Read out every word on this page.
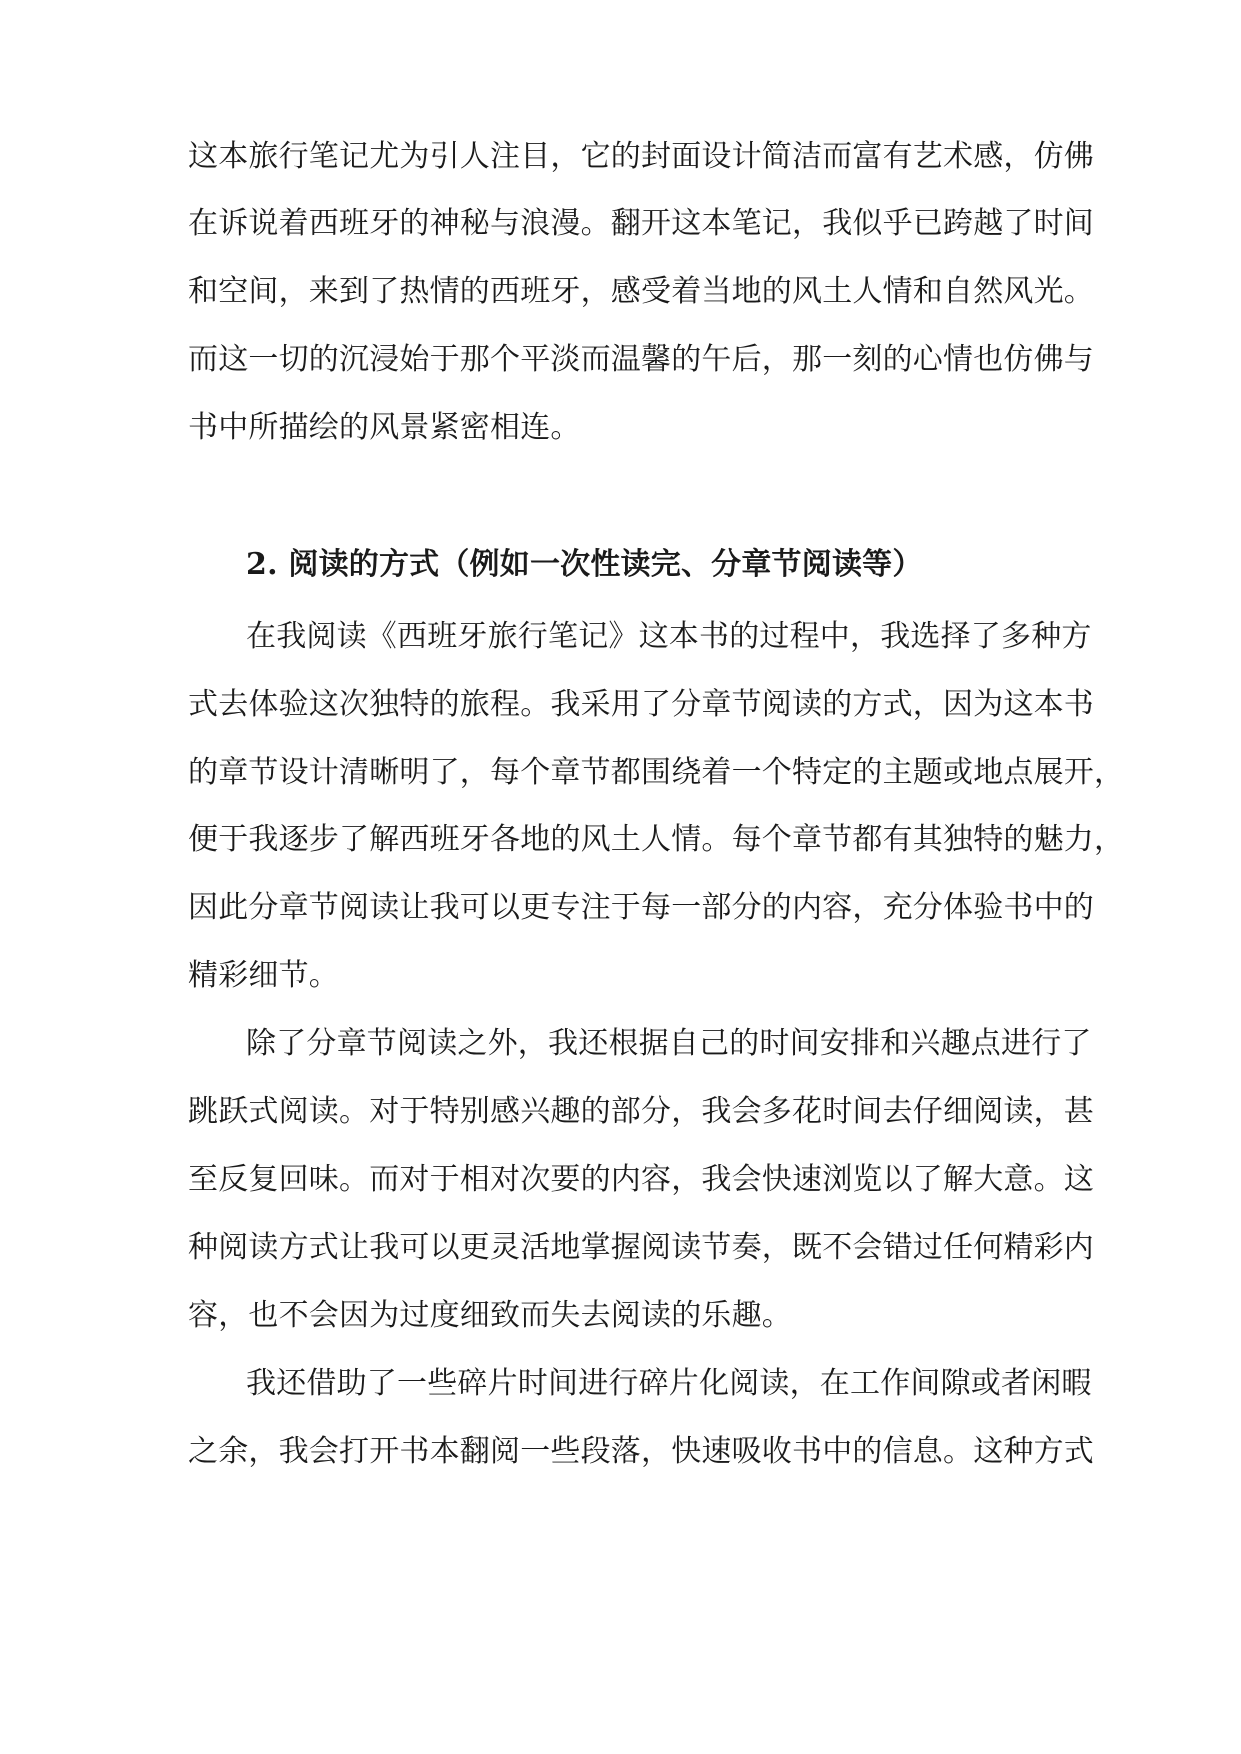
这本旅行笔记尤为引人注目，它的封面设计简洁而富有艺术感，仿佛
在诉说着西班牙的神秘与浪漫。翻开这本笔记，我似乎已跨越了时间
和空间，来到了热情的西班牙，感受着当地的风土人情和自然风光。
而这一切的沉浸始于那个平淡而温馨的午后，那一刻的心情也仿佛与
书中所描绘的风景紧密相连。
2. 阅读的方式（例如一次性读完、分章节阅读等）
在我阅读《西班牙旅行笔记》这本书的过程中，我选择了多种方
式去体验这次独特的旅程。我采用了分章节阅读的方式，因为这本书
的章节设计清晰明了，每个章节都围绕着一个特定的主题或地点展开，
便于我逐步了解西班牙各地的风土人情。每个章节都有其独特的魅力，
因此分章节阅读让我可以更专注于每一部分的内容，充分体验书中的
精彩细节。
除了分章节阅读之外，我还根据自己的时间安排和兴趣点进行了
跳跃式阅读。对于特别感兴趣的部分，我会多花时间去仔细阅读，甚
至反复回味。而对于相对次要的内容，我会快速浏览以了解大意。这
种阅读方式让我可以更灵活地掌握阅读节奏，既不会错过任何精彩内
容，也不会因为过度细致而失去阅读的乐趣。
我还借助了一些碎片时间进行碎片化阅读，在工作间隙或者闲暇
之余，我会打开书本翻阅一些段落，快速吸收书中的信息。这种方式
